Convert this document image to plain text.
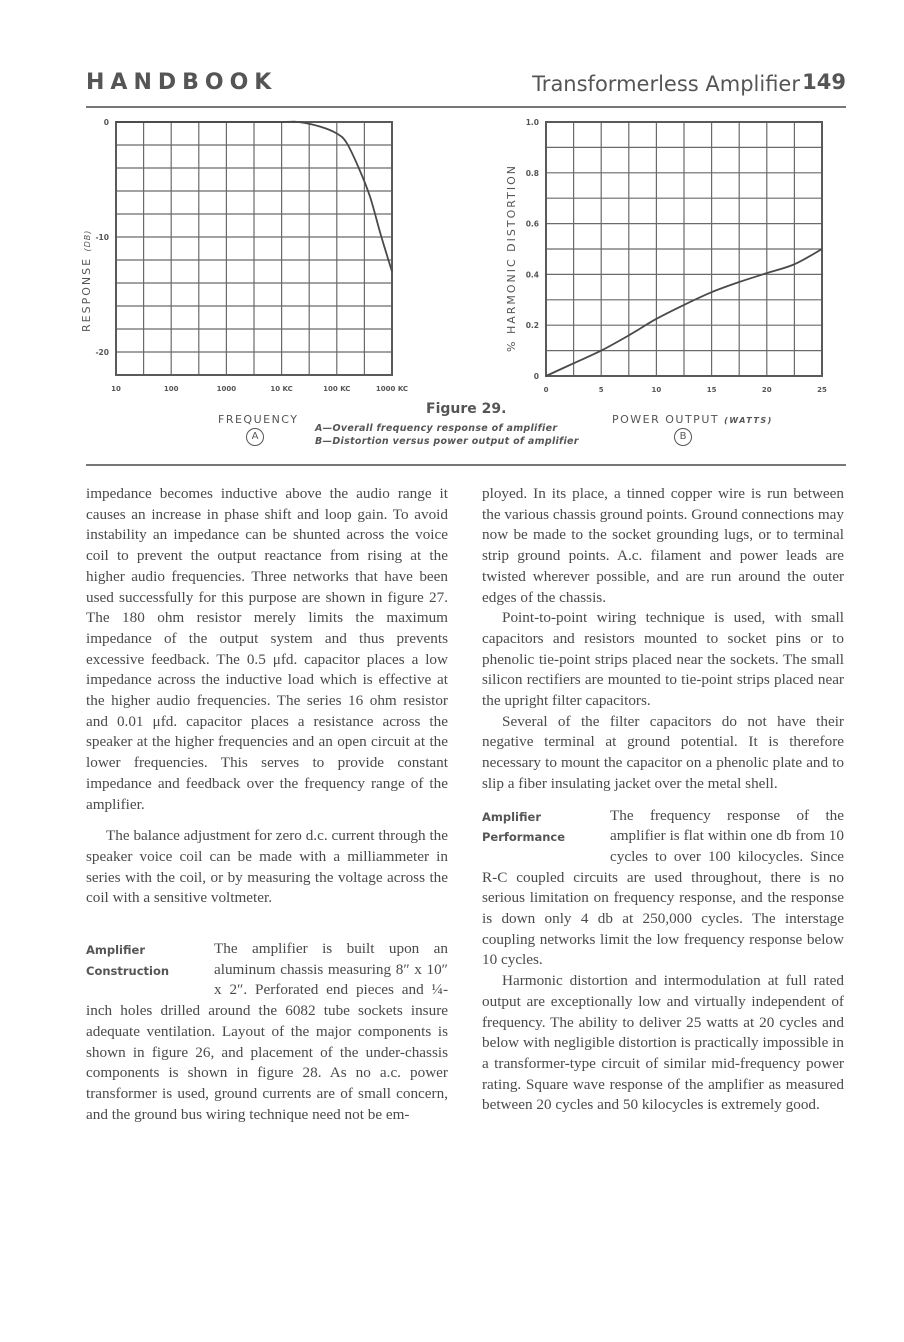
HANDBOOK	Transformerless Amplifier 149
10	100	1000	10 KC	100 KC	1000 KC
0
-10
-20
0	5	10	15	20	25
0
0.2
0.4
0.6
0.8
1.0
RESPONSE (DB)
FREQUENCY
A
% HARMONIC DISTORTION
POWER OUTPUT (WATTS)
B
Figure 29.
A—Overall frequency response of amplifier
B—Distortion versus power output of amplifier

impedance becomes inductive above the audio range it causes an increase in phase shift and loop gain. To avoid instability an impedance can be shunted across the voice coil to prevent the output reactance from rising at the higher audio frequencies. Three networks that have been used successfully for this purpose are shown in figure 27. The 180 ohm resistor merely limits the maximum impedance of the output system and thus prevents excessive feedback. The 0.5 μfd. capacitor places a low impedance across the inductive load which is effective at the higher audio frequencies. The series 16 ohm resistor and 0.01 μfd. capacitor places a resistance across the speaker at the higher frequencies and an open circuit at the lower frequencies. This serves to provide constant impedance and feedback over the frequency range of the amplifier.

The balance adjustment for zero d.c. current through the speaker voice coil can be made with a milliammeter in series with the coil, or by measuring the voltage across the coil with a sensitive voltmeter.

Amplifier
Construction

The amplifier is built upon an aluminum chassis measuring 8″ x 10″ x 2″. Perforated end pieces and ¼-inch holes drilled around the 6082 tube sockets insure adequate ventilation. Layout of the major components is shown in figure 26, and placement of the under-chassis components is shown in figure 28. As no a.c. power transformer is used, ground currents are of small concern, and the ground bus wiring technique need not be em-

ployed. In its place, a tinned copper wire is run between the various chassis ground points. Ground connections may now be made to the socket grounding lugs, or to terminal strip ground points. A.c. filament and power leads are twisted wherever possible, and are run around the outer edges of the chassis.

Point-to-point wiring technique is used, with small capacitors and resistors mounted to socket pins or to phenolic tie-point strips placed near the sockets. The small silicon rectifiers are mounted to tie-point strips placed near the upright filter capacitors.

Several of the filter capacitors do not have their negative terminal at ground potential. It is therefore necessary to mount the capacitor on a phenolic plate and to slip a fiber insulating jacket over the metal shell.

Amplifier
Performance

The frequency response of the amplifier is flat within one db from 10 cycles to over 100 kilocycles. Since R-C coupled circuits are used throughout, there is no serious limitation on frequency response, and the response is down only 4 db at 250,000 cycles. The interstage coupling networks limit the low frequency response below 10 cycles.

Harmonic distortion and intermodulation at full rated output are exceptionally low and virtually independent of frequency. The ability to deliver 25 watts at 20 cycles and below with negligible distortion is practically impossible in a transformer-type circuit of similar mid-frequency power rating. Square wave response of the amplifier as measured between 20 cycles and 50 kilocycles is extremely good.
